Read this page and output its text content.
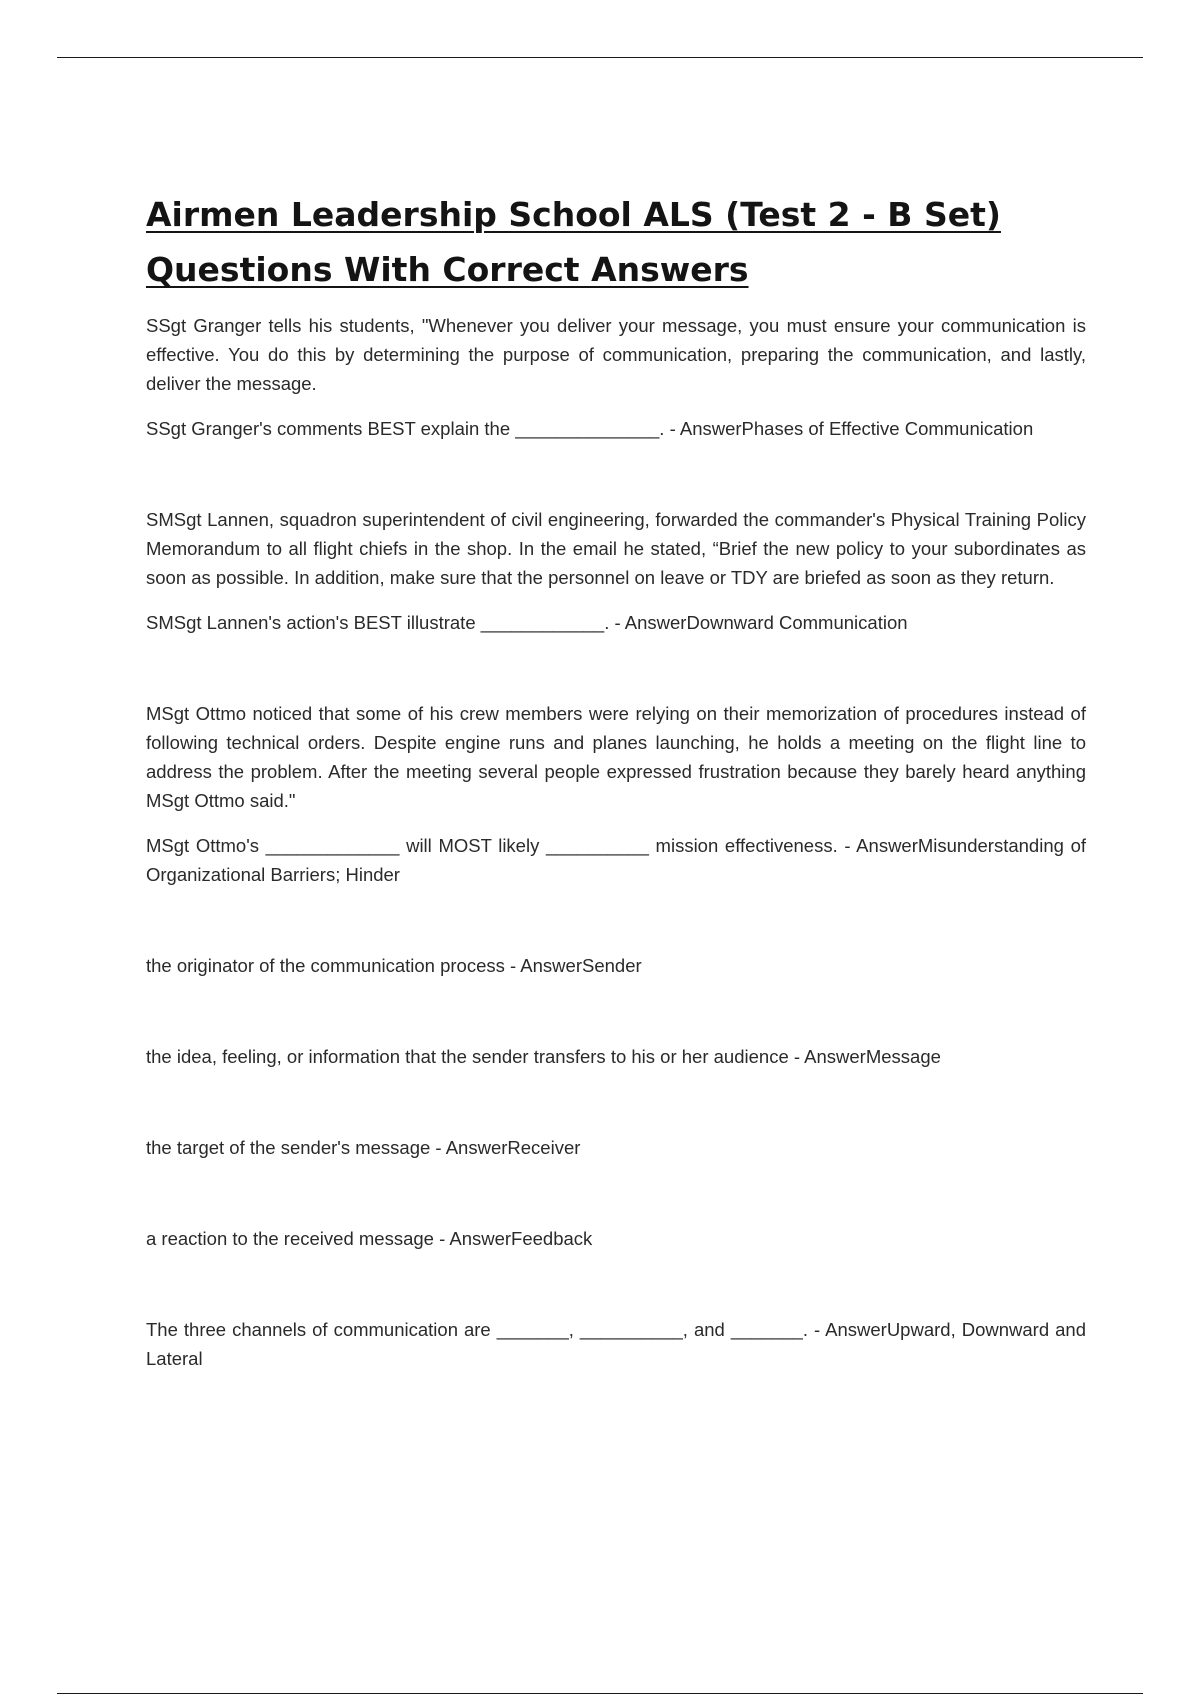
Airmen Leadership School ALS (Test 2 - B Set) Questions With Correct Answers

SSgt Granger tells his students, "Whenever you deliver your message, you must ensure your communication is effective. You do this by determining the purpose of communication, preparing the communication, and lastly, deliver the message.

SSgt Granger's comments BEST explain the ______________. - AnswerPhases of Effective Communication

SMSgt Lannen, squadron superintendent of civil engineering, forwarded the commander's Physical Training Policy Memorandum to all flight chiefs in the shop. In the email he stated, “Brief the new policy to your subordinates as soon as possible. In addition, make sure that the personnel on leave or TDY are briefed as soon as they return.

SMSgt Lannen's action's BEST illustrate ____________. - AnswerDownward Communication

MSgt Ottmo noticed that some of his crew members were relying on their memorization of procedures instead of following technical orders. Despite engine runs and planes launching, he holds a meeting on the flight line to address the problem. After the meeting several people expressed frustration because they barely heard anything MSgt Ottmo said."

MSgt Ottmo's _____________ will MOST likely __________ mission effectiveness. - AnswerMisunderstanding of Organizational Barriers; Hinder

the originator of the communication process - AnswerSender

the idea, feeling, or information that the sender transfers to his or her audience - AnswerMessage

the target of the sender's message - AnswerReceiver

a reaction to the received message - AnswerFeedback

The three channels of communication are _______, __________, and _______. - AnswerUpward, Downward and Lateral
